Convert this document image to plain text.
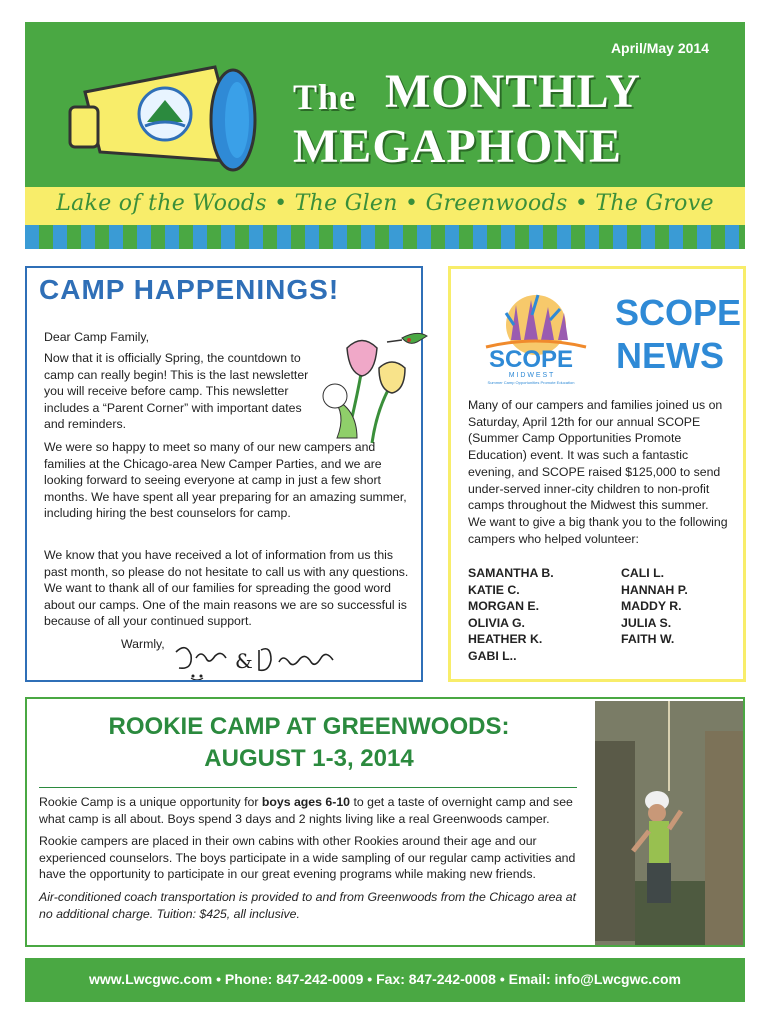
April/May 2014
The MONTHLY
MEGAPHONE
Lake of the Woods • The Glen • Greenwoods • The Grove
CAMP HAPPENINGS!

Dear Camp Family,

Now that it is officially Spring, the countdown to camp can really begin! This is the last newsletter you will receive before camp. This newsletter includes a “Parent Corner” with important dates and reminders.

We were so happy to meet so many of our new campers and families at the Chicago-area New Camper Parties, and we are looking forward to seeing everyone at camp in just a few short months. We have spent all year preparing for an amazing summer, including hiring the best counselors for camp.

We know that you have received a lot of information from us this past month, so please do not hesitate to call us with any questions. We want to thank all of our families for spreading the good word about our camps. One of the main reasons we are so successful is because of all your continued support.

Warmly,

&
SCOPE
M I D W E S T
Summer Camp Opportunities Promote Education
SCOPE
NEWS

Many of our campers and families joined us on Saturday, April 12th for our annual SCOPE (Summer Camp Opportunities Promote Education) event. It was such a fantastic evening, and SCOPE raised $125,000 to send under-served inner-city children to non-profit camps throughout the Midwest this summer. We want to give a big thank you to the following campers who helped volunteer:

SAMANTHA B.
KATIE C.
MORGAN E.
OLIVIA G.
HEATHER K.
GABI L..
CALI L.
HANNAH P.
MADDY R.
JULIA S.
FAITH W.
ROOKIE CAMP AT GREENWOODS:
AUGUST 1-3, 2014

Rookie Camp is a unique opportunity for boys ages 6-10 to get a taste of overnight camp and see what camp is all about. Boys spend 3 days and 2 nights living like a real Greenwoods camper.

Rookie campers are placed in their own cabins with other Rookies around their age and our experienced counselors. The boys participate in a wide sampling of our regular camp activities and have the opportunity to participate in our great evening programs while making new friends.

Air-conditioned coach transportation is provided to and from Greenwoods from the Chicago area at no additional charge. Tuition: $425, all inclusive.

www.Lwcgwc.com • Phone: 847-242-0009 • Fax: 847-242-0008 • Email: info@Lwcgwc.com
